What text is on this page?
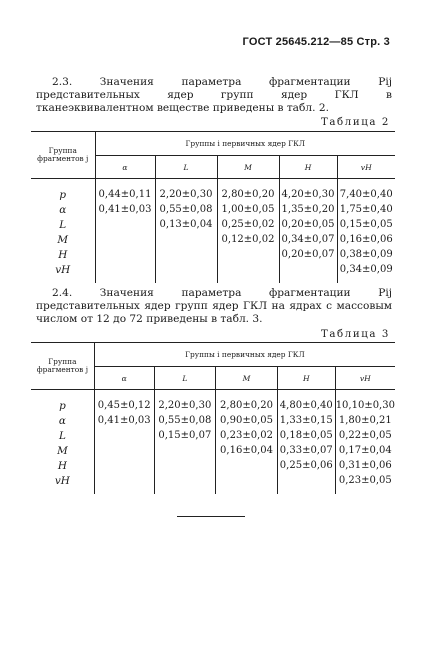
ГОСТ 25645.212—85 Стр. 3
2.3. Значения параметра фрагментации Pij представительных ядер групп ядер ГКЛ в тканеэквивалентном веществе приведены в табл. 2.
Таблица 2
Группа фрагментов j	Группы i первичных ядер ГКЛ				
	α	L	M	H	vH

p	0,44±0,11	2,20±0,30	2,80±0,20	4,20±0,30	7,40±0,40
α	0,41±0,03	0,55±0,08	1,00±0,05	1,35±0,20	1,75±0,40
L		0,13±0,04	0,25±0,02	0,20±0,05	0,15±0,05
M			0,12±0,02	0,34±0,07	0,16±0,06
H				0,20±0,07	0,38±0,09
vH					0,34±0,09

2.4. Значения параметра фрагментации Pij представительных ядер групп ядер ГКЛ на ядрах с массовым числом от 12 до 72 приведены в табл. 3.
Таблица 3
Группа фрагментов j	Группы i первичных ядер ГКЛ				
	α	L	M	H	vH

p	0,45±0,12	2,20±0,30	2,80±0,20	4,80±0,40	10,10±0,30
α	0,41±0,03	0,55±0,08	0,90±0,05	1,33±0,15	1,80±0,21
L		0,15±0,07	0,23±0,02	0,18±0,05	0,22±0,05
M			0,16±0,04	0,33±0,07	0,17±0,04
H				0,25±0,06	0,31±0,06
vH					0,23±0,05
